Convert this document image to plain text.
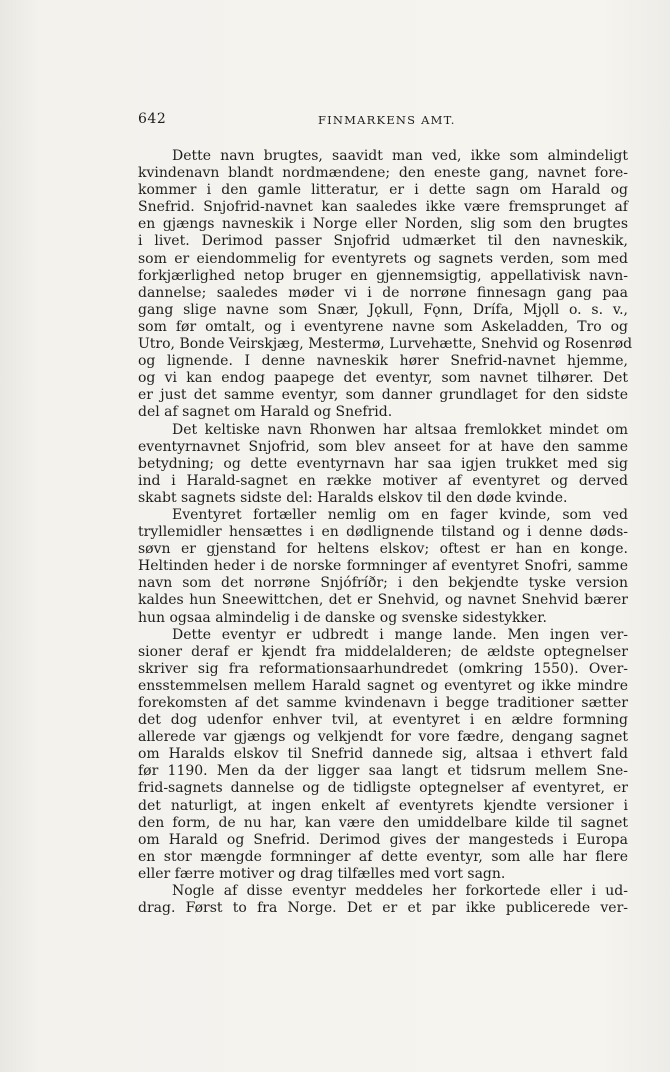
642	FINMARKENS AMT.
Dette navn brugtes, saavidt man ved, ikke som almindeligt
kvindenavn blandt nordmændene; den eneste gang, navnet fore-
kommer i den gamle litteratur, er i dette sagn om Harald og
Snefrid. Snjofrid-navnet kan saaledes ikke være fremsprunget af
en gjængs navneskik i Norge eller Norden, slig som den brugtes
i livet. Derimod passer Snjofrid udmærket til den navneskik,
som er eiendommelig for eventyrets og sagnets verden, som med
forkjærlighed netop bruger en gjennemsigtig, appellativisk navn-
dannelse; saaledes møder vi i de norrøne finnesagn gang paa
gang slige navne som Snær, Jǫkull, Fǫnn, Drífa, Mjǫll o. s. v.,
som før omtalt, og i eventyrene navne som Askeladden, Tro og
Utro, Bonde Veirskjæg, Mestermø, Lurvehætte, Snehvid og Rosenrød
og lignende. I denne navneskik hører Snefrid-navnet hjemme,
og vi kan endog paapege det eventyr, som navnet tilhører. Det
er just det samme eventyr, som danner grundlaget for den sidste
del af sagnet om Harald og Snefrid.
Det keltiske navn Rhonwen har altsaa fremlokket mindet om
eventyrnavnet Snjofrid, som blev anseet for at have den samme
betydning; og dette eventyrnavn har saa igjen trukket med sig
ind i Harald-sagnet en række motiver af eventyret og derved
skabt sagnets sidste del: Haralds elskov til den døde kvinde.
Eventyret fortæller nemlig om en fager kvinde, som ved
tryllemidler hensættes i en dødlignende tilstand og i denne døds-
søvn er gjenstand for heltens elskov; oftest er han en konge.
Heltinden heder i de norske formninger af eventyret Snofri, samme
navn som det norrøne Snjófríðr; i den bekjendte tyske version
kaldes hun Sneewittchen, det er Snehvid, og navnet Snehvid bærer
hun ogsaa almindelig i de danske og svenske sidestykker.
Dette eventyr er udbredt i mange lande. Men ingen ver-
sioner deraf er kjendt fra middelalderen; de ældste optegnelser
skriver sig fra reformationsaarhundredet (omkring 1550). Over-
ensstemmelsen mellem Harald sagnet og eventyret og ikke mindre
forekomsten af det samme kvindenavn i begge traditioner sætter
det dog udenfor enhver tvil, at eventyret i en ældre formning
allerede var gjængs og velkjendt for vore fædre, dengang sagnet
om Haralds elskov til Snefrid dannede sig, altsaa i ethvert fald
før 1190. Men da der ligger saa langt et tidsrum mellem Sne-
frid-sagnets dannelse og de tidligste optegnelser af eventyret, er
det naturligt, at ingen enkelt af eventyrets kjendte versioner i
den form, de nu har, kan være den umiddelbare kilde til sagnet
om Harald og Snefrid. Derimod gives der mangesteds i Europa
en stor mængde formninger af dette eventyr, som alle har flere
eller færre motiver og drag tilfælles med vort sagn.
Nogle af disse eventyr meddeles her forkortede eller i ud-
drag. Først to fra Norge. Det er et par ikke publicerede ver-
